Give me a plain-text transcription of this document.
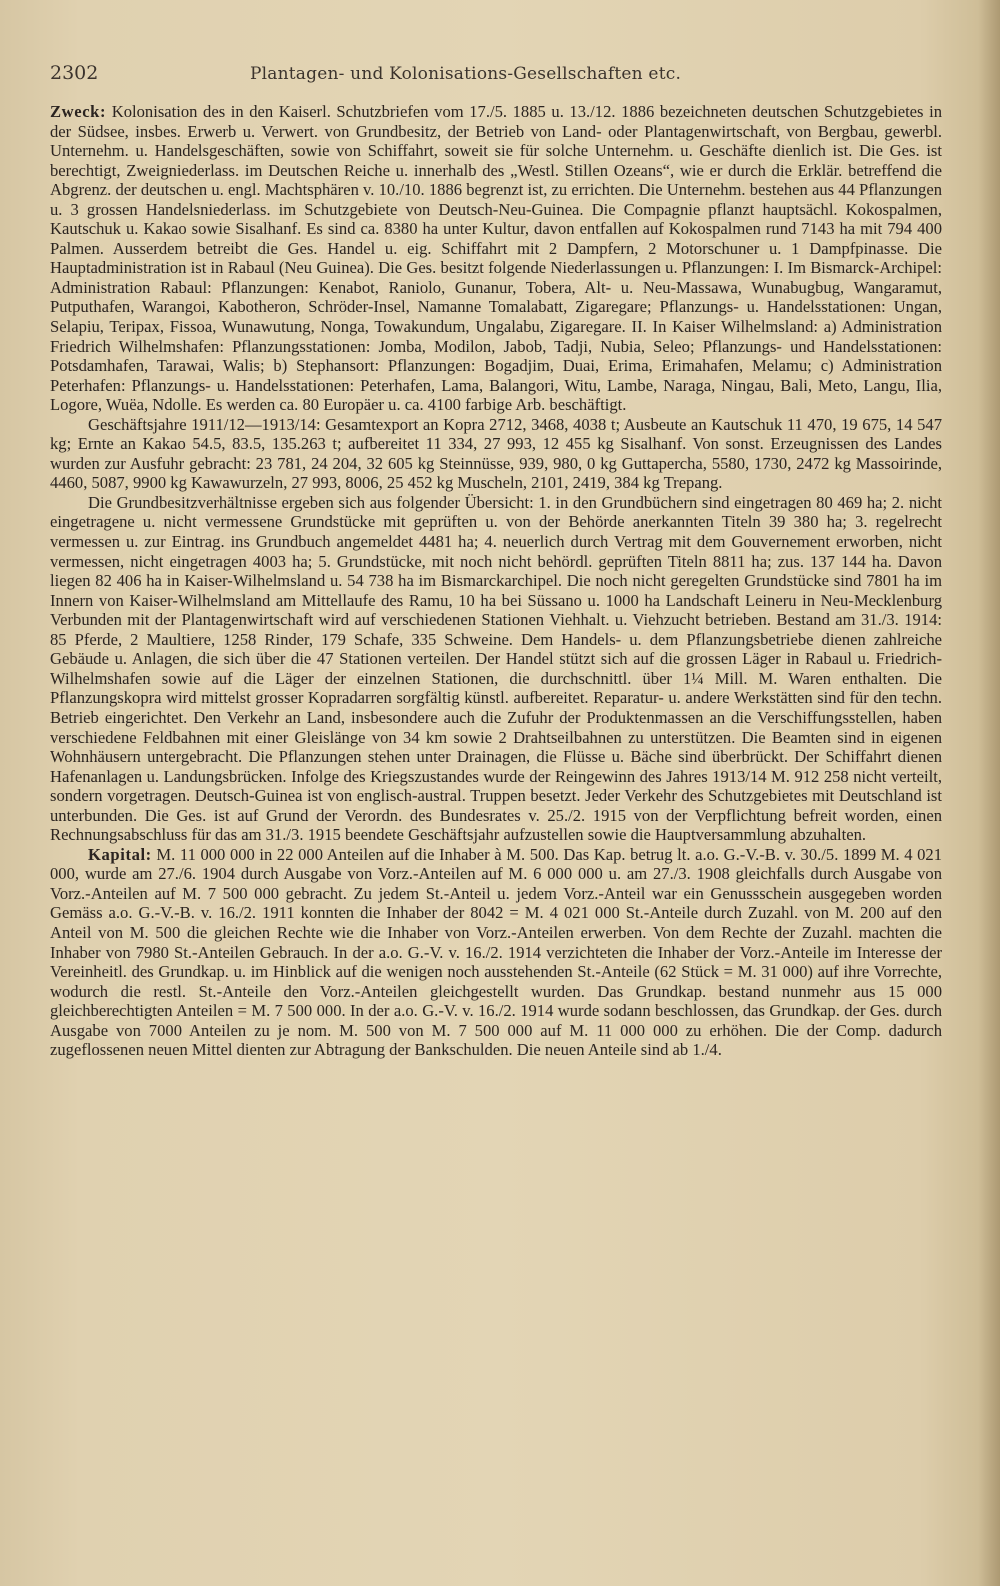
2302	Plantagen- und Kolonisations-Gesellschaften etc.

Zweck: Kolonisation des in den Kaiserl. Schutzbriefen vom 17./5. 1885 u. 13./12. 1886 bezeichneten deutschen Schutzgebietes in der Südsee, insbes. Erwerb u. Verwert. von Grundbesitz, der Betrieb von Land- oder Plantagenwirtschaft, von Bergbau, gewerbl. Unternehm. u. Handelsgeschäften, sowie von Schiffahrt, soweit sie für solche Unternehm. u. Geschäfte dienlich ist. Die Ges. ist berechtigt, Zweigniederlass. im Deutschen Reiche u. innerhalb des „Westl. Stillen Ozeans“, wie er durch die Erklär. betreffend die Abgrenz. der deutschen u. engl. Machtsphären v. 10./10. 1886 begrenzt ist, zu errichten. Die Unternehm. bestehen aus 44 Pflanzungen u. 3 grossen Handelsniederlass. im Schutzgebiete von Deutsch-Neu-Guinea. Die Compagnie pflanzt hauptsächl. Kokospalmen, Kautschuk u. Kakao sowie Sisalhanf. Es sind ca. 8380 ha unter Kultur, davon entfallen auf Kokospalmen rund 7143 ha mit 794 400 Palmen. Ausserdem betreibt die Ges. Handel u. eig. Schiffahrt mit 2 Dampfern, 2 Motorschuner u. 1 Dampfpinasse. Die Hauptadministration ist in Rabaul (Neu Guinea). Die Ges. besitzt folgende Niederlassungen u. Pflanzungen: I. Im Bismarck-Archipel: Administration Rabaul: Pflanzungen: Kenabot, Raniolo, Gunanur, Tobera, Alt- u. Neu-Massawa, Wunabugbug, Wangaramut, Putputhafen, Warangoi, Kabotheron, Schröder-Insel, Namanne Tomalabatt, Zigaregare; Pflanzungs- u. Handelsstationen: Ungan, Selapiu, Teripax, Fissoa, Wunawutung, Nonga, Towakundum, Ungalabu, Zigaregare. II. In Kaiser Wilhelmsland: a) Administration Friedrich Wilhelmshafen: Pflanzungsstationen: Jomba, Modilon, Jabob, Tadji, Nubia, Seleo; Pflanzungs- und Handelsstationen: Potsdamhafen, Tarawai, Walis; b) Stephansort: Pflanzungen: Bogadjim, Duai, Erima, Erimahafen, Melamu; c) Administration Peterhafen: Pflanzungs- u. Handelsstationen: Peterhafen, Lama, Balangori, Witu, Lambe, Naraga, Ningau, Bali, Meto, Langu, Ilia, Logore, Wuëa, Ndolle. Es werden ca. 80 Europäer u. ca. 4100 farbige Arb. beschäftigt.

Geschäftsjahre 1911/12—1913/14: Gesamtexport an Kopra 2712, 3468, 4038 t; Ausbeute an Kautschuk 11 470, 19 675, 14 547 kg; Ernte an Kakao 54.5, 83.5, 135.263 t; aufbereitet 11 334, 27 993, 12 455 kg Sisalhanf. Von sonst. Erzeugnissen des Landes wurden zur Ausfuhr gebracht: 23 781, 24 204, 32 605 kg Steinnüsse, 939, 980, 0 kg Guttapercha, 5580, 1730, 2472 kg Massoirinde, 4460, 5087, 9900 kg Kawawurzeln, 27 993, 8006, 25 452 kg Muscheln, 2101, 2419, 384 kg Trepang.

Die Grundbesitzverhältnisse ergeben sich aus folgender Übersicht: 1. in den Grundbüchern sind eingetragen 80 469 ha; 2. nicht eingetragene u. nicht vermessene Grundstücke mit geprüften u. von der Behörde anerkannten Titeln 39 380 ha; 3. regelrecht vermessen u. zur Eintrag. ins Grundbuch angemeldet 4481 ha; 4. neuerlich durch Vertrag mit dem Gouvernement erworben, nicht vermessen, nicht eingetragen 4003 ha; 5. Grundstücke, mit noch nicht behördl. geprüften Titeln 8811 ha; zus. 137 144 ha. Davon liegen 82 406 ha in Kaiser-Wilhelmsland u. 54 738 ha im Bismarckarchipel. Die noch nicht geregelten Grundstücke sind 7801 ha im Innern von Kaiser-Wilhelmsland am Mittellaufe des Ramu, 10 ha bei Süssano u. 1000 ha Landschaft Leineru in Neu-Mecklenburg Verbunden mit der Plantagenwirtschaft wird auf verschiedenen Stationen Viehhalt. u. Viehzucht betrieben. Bestand am 31./3. 1914: 85 Pferde, 2 Maultiere, 1258 Rinder, 179 Schafe, 335 Schweine. Dem Handels- u. dem Pflanzungsbetriebe dienen zahlreiche Gebäude u. Anlagen, die sich über die 47 Stationen verteilen. Der Handel stützt sich auf die grossen Läger in Rabaul u. Friedrich-Wilhelmshafen sowie auf die Läger der einzelnen Stationen, die durchschnittl. über 1¼ Mill. M. Waren enthalten. Die Pflanzungskopra wird mittelst grosser Kopradarren sorgfältig künstl. aufbereitet. Reparatur- u. andere Werkstätten sind für den techn. Betrieb eingerichtet. Den Verkehr an Land, insbesondere auch die Zufuhr der Produktenmassen an die Verschiffungsstellen, haben verschiedene Feldbahnen mit einer Gleislänge von 34 km sowie 2 Drahtseilbahnen zu unterstützen. Die Beamten sind in eigenen Wohnhäusern untergebracht. Die Pflanzungen stehen unter Drainagen, die Flüsse u. Bäche sind überbrückt. Der Schiffahrt dienen Hafenanlagen u. Landungsbrücken. Infolge des Kriegszustandes wurde der Reingewinn des Jahres 1913/14 M. 912 258 nicht verteilt, sondern vorgetragen. Deutsch-Guinea ist von englisch-austral. Truppen besetzt. Jeder Verkehr des Schutzgebietes mit Deutschland ist unterbunden. Die Ges. ist auf Grund der Verordn. des Bundesrates v. 25./2. 1915 von der Verpflichtung befreit worden, einen Rechnungsabschluss für das am 31./3. 1915 beendete Geschäftsjahr aufzustellen sowie die Hauptversammlung abzuhalten.

Kapital: M. 11 000 000 in 22 000 Anteilen auf die Inhaber à M. 500. Das Kap. betrug lt. a.o. G.-V.-B. v. 30./5. 1899 M. 4 021 000, wurde am 27./6. 1904 durch Ausgabe von Vorz.-Anteilen auf M. 6 000 000 u. am 27./3. 1908 gleichfalls durch Ausgabe von Vorz.-Anteilen auf M. 7 500 000 gebracht. Zu jedem St.-Anteil u. jedem Vorz.-Anteil war ein Genussschein ausgegeben worden Gemäss a.o. G.-V.-B. v. 16./2. 1911 konnten die Inhaber der 8042 = M. 4 021 000 St.-Anteile durch Zuzahl. von M. 200 auf den Anteil von M. 500 die gleichen Rechte wie die Inhaber von Vorz.-Anteilen erwerben. Von dem Rechte der Zuzahl. machten die Inhaber von 7980 St.-Anteilen Gebrauch. In der a.o. G.-V. v. 16./2. 1914 verzichteten die Inhaber der Vorz.-Anteile im Interesse der Vereinheitl. des Grundkap. u. im Hinblick auf die wenigen noch ausstehenden St.-Anteile (62 Stück = M. 31 000) auf ihre Vorrechte, wodurch die restl. St.-Anteile den Vorz.-Anteilen gleichgestellt wurden. Das Grundkap. bestand nunmehr aus 15 000 gleichberechtigten Anteilen = M. 7 500 000. In der a.o. G.-V. v. 16./2. 1914 wurde sodann beschlossen, das Grundkap. der Ges. durch Ausgabe von 7000 Anteilen zu je nom. M. 500 von M. 7 500 000 auf M. 11 000 000 zu erhöhen. Die der Comp. dadurch zugeflossenen neuen Mittel dienten zur Abtragung der Bankschulden. Die neuen Anteile sind ab 1./4.
